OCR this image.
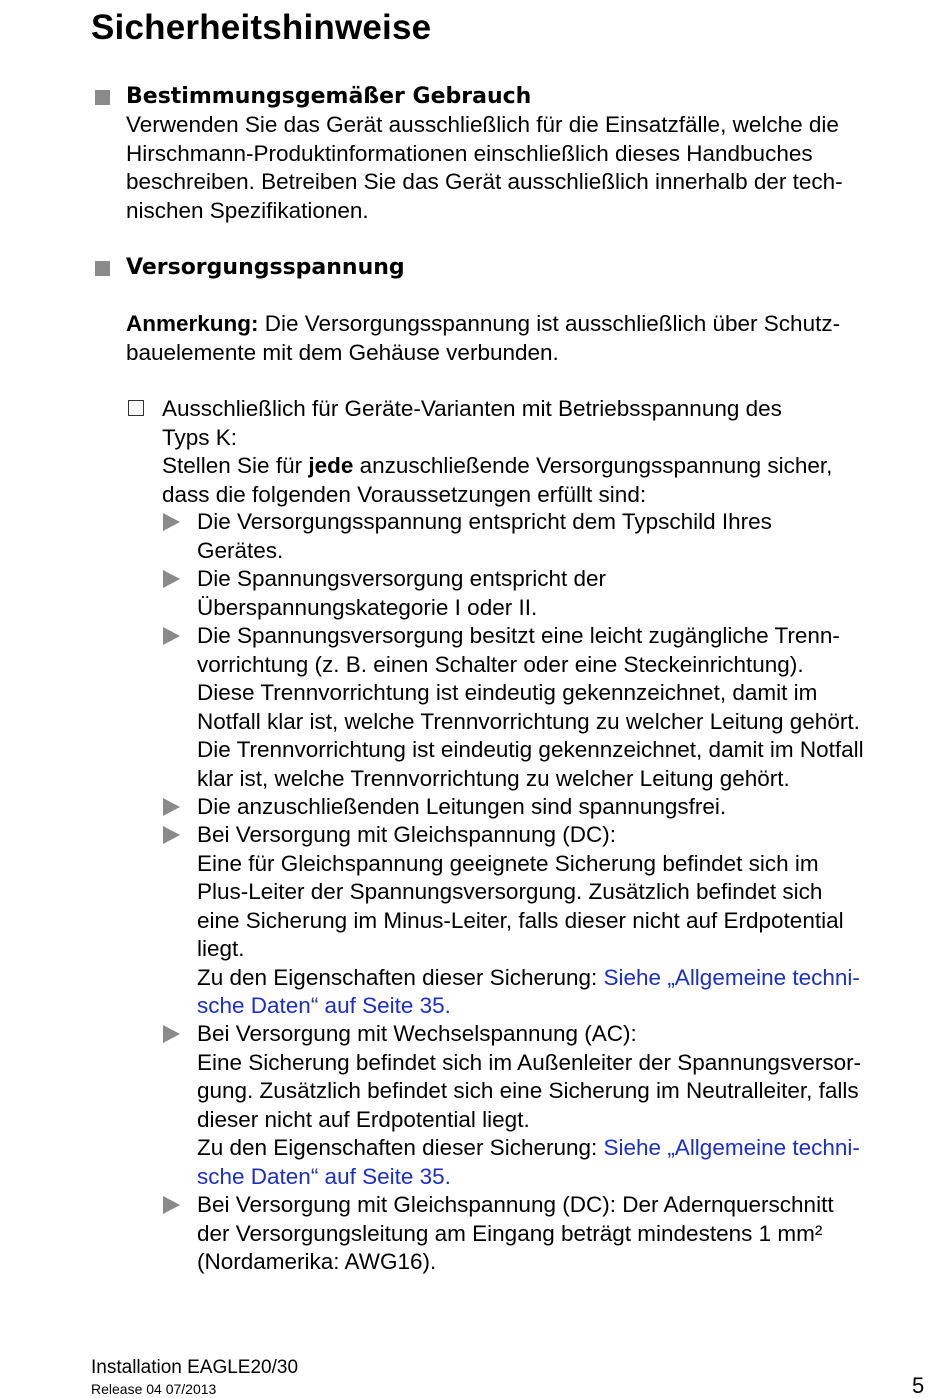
Sicherheitshinweise
Bestimmungsgemäßer Gebrauch
Verwenden Sie das Gerät ausschließlich für die Einsatzfälle, welche die
Hirschmann-Produktinformationen einschließlich dieses Handbuches
beschreiben. Betreiben Sie das Gerät ausschließlich innerhalb der tech-
nischen Spezifikationen.
Versorgungsspannung
Anmerkung: Die Versorgungsspannung ist ausschließlich über Schutz-
bauelemente mit dem Gehäuse verbunden.
Ausschließlich für Geräte-Varianten mit Betriebsspannung des
Typs K:
Stellen Sie für jede anzuschließende Versorgungsspannung sicher,
dass die folgenden Voraussetzungen erfüllt sind:
Die Versorgungsspannung entspricht dem Typschild Ihres
Gerätes.
Die Spannungsversorgung entspricht der
Überspannungskategorie I oder II.
Die Spannungsversorgung besitzt eine leicht zugängliche Trenn-
vorrichtung (z. B. einen Schalter oder eine Steckeinrichtung).
Diese Trennvorrichtung ist eindeutig gekennzeichnet, damit im
Notfall klar ist, welche Trennvorrichtung zu welcher Leitung gehört.
Die Trennvorrichtung ist eindeutig gekennzeichnet, damit im Notfall
klar ist, welche Trennvorrichtung zu welcher Leitung gehört.
Die anzuschließenden Leitungen sind spannungsfrei.
Bei Versorgung mit Gleichspannung (DC):
Eine für Gleichspannung geeignete Sicherung befindet sich im
Plus-Leiter der Spannungsversorgung. Zusätzlich befindet sich
eine Sicherung im Minus-Leiter, falls dieser nicht auf Erdpotential
liegt.
Zu den Eigenschaften dieser Sicherung: Siehe „Allgemeine techni-
sche Daten“ auf Seite 35.
Bei Versorgung mit Wechselspannung (AC):
Eine Sicherung befindet sich im Außenleiter der Spannungsversor-
gung. Zusätzlich befindet sich eine Sicherung im Neutralleiter, falls
dieser nicht auf Erdpotential liegt.
Zu den Eigenschaften dieser Sicherung: Siehe „Allgemeine techni-
sche Daten“ auf Seite 35.
Bei Versorgung mit Gleichspannung (DC): Der Adernquerschnitt
der Versorgungsleitung am Eingang beträgt mindestens 1 mm²
(Nordamerika: AWG16).
Installation EAGLE20/30
Release 04 07/2013	5
